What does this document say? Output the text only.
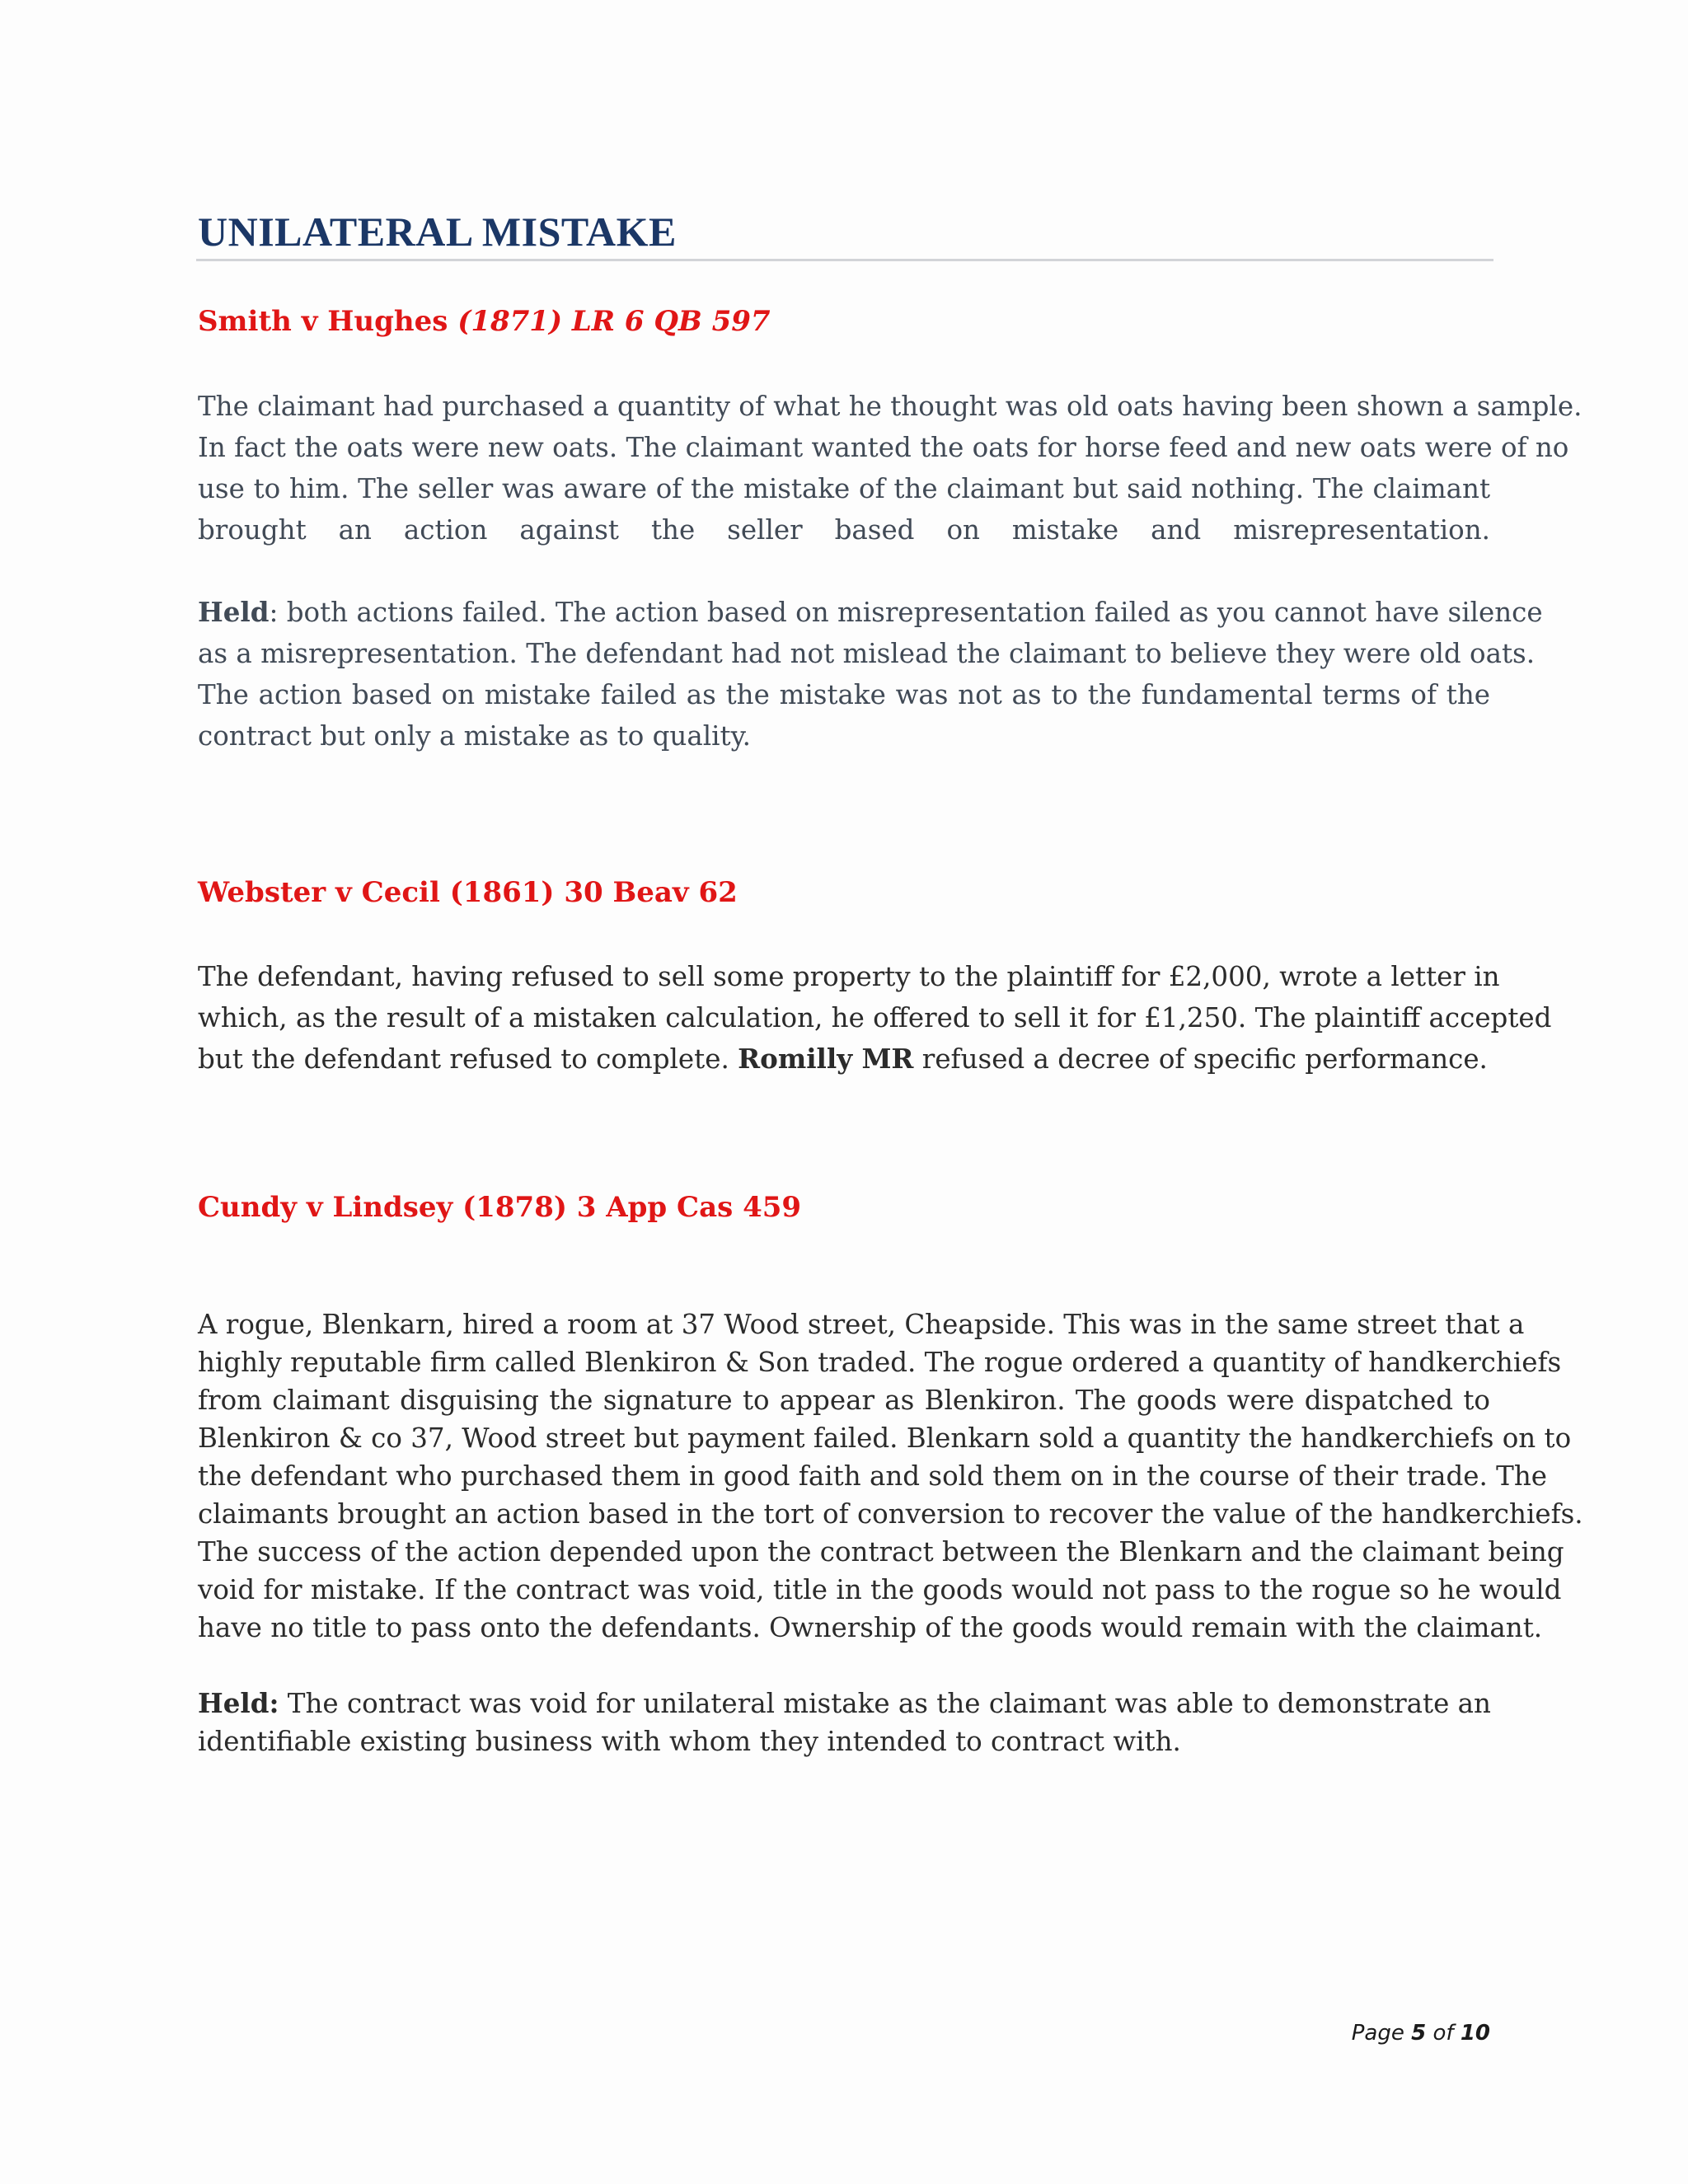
UNILATERAL MISTAKE
Smith v Hughes (1871) LR 6 QB 597

The claimant had purchased a quantity of what he thought was old oats having been shown a sample.
In fact the oats were new oats. The claimant wanted the oats for horse feed and new oats were of no
use to him. The seller was aware of the mistake of the claimant but said nothing. The claimant
brought an action against the seller based on mistake and misrepresentation.

Held: both actions failed. The action based on misrepresentation failed as you cannot have silence
as a misrepresentation. The defendant had not mislead the claimant to believe they were old oats.
The action based on mistake failed as the mistake was not as to the fundamental terms of the
contract but only a mistake as to quality.

Webster v Cecil (1861) 30 Beav 62

The defendant, having refused to sell some property to the plaintiff for £2,000, wrote a letter in
which, as the result of a mistaken calculation, he offered to sell it for £1,250. The plaintiff accepted
but the defendant refused to complete. Romilly MR refused a decree of specific performance.

Cundy v Lindsey (1878) 3 App Cas 459

A rogue, Blenkarn, hired a room at 37 Wood street, Cheapside. This was in the same street that a
highly reputable firm called Blenkiron & Son traded. The rogue ordered a quantity of handkerchiefs
from claimant disguising the signature to appear as Blenkiron. The goods were dispatched to
Blenkiron & co 37, Wood street but payment failed. Blenkarn sold a quantity the handkerchiefs on to
the defendant who purchased them in good faith and sold them on in the course of their trade. The
claimants brought an action based in the tort of conversion to recover the value of the handkerchiefs.
The success of the action depended upon the contract between the Blenkarn and the claimant being
void for mistake. If the contract was void, title in the goods would not pass to the rogue so he would
have no title to pass onto the defendants. Ownership of the goods would remain with the claimant.

Held: The contract was void for unilateral mistake as the claimant was able to demonstrate an
identifiable existing business with whom they intended to contract with.

Page 5 of 10
